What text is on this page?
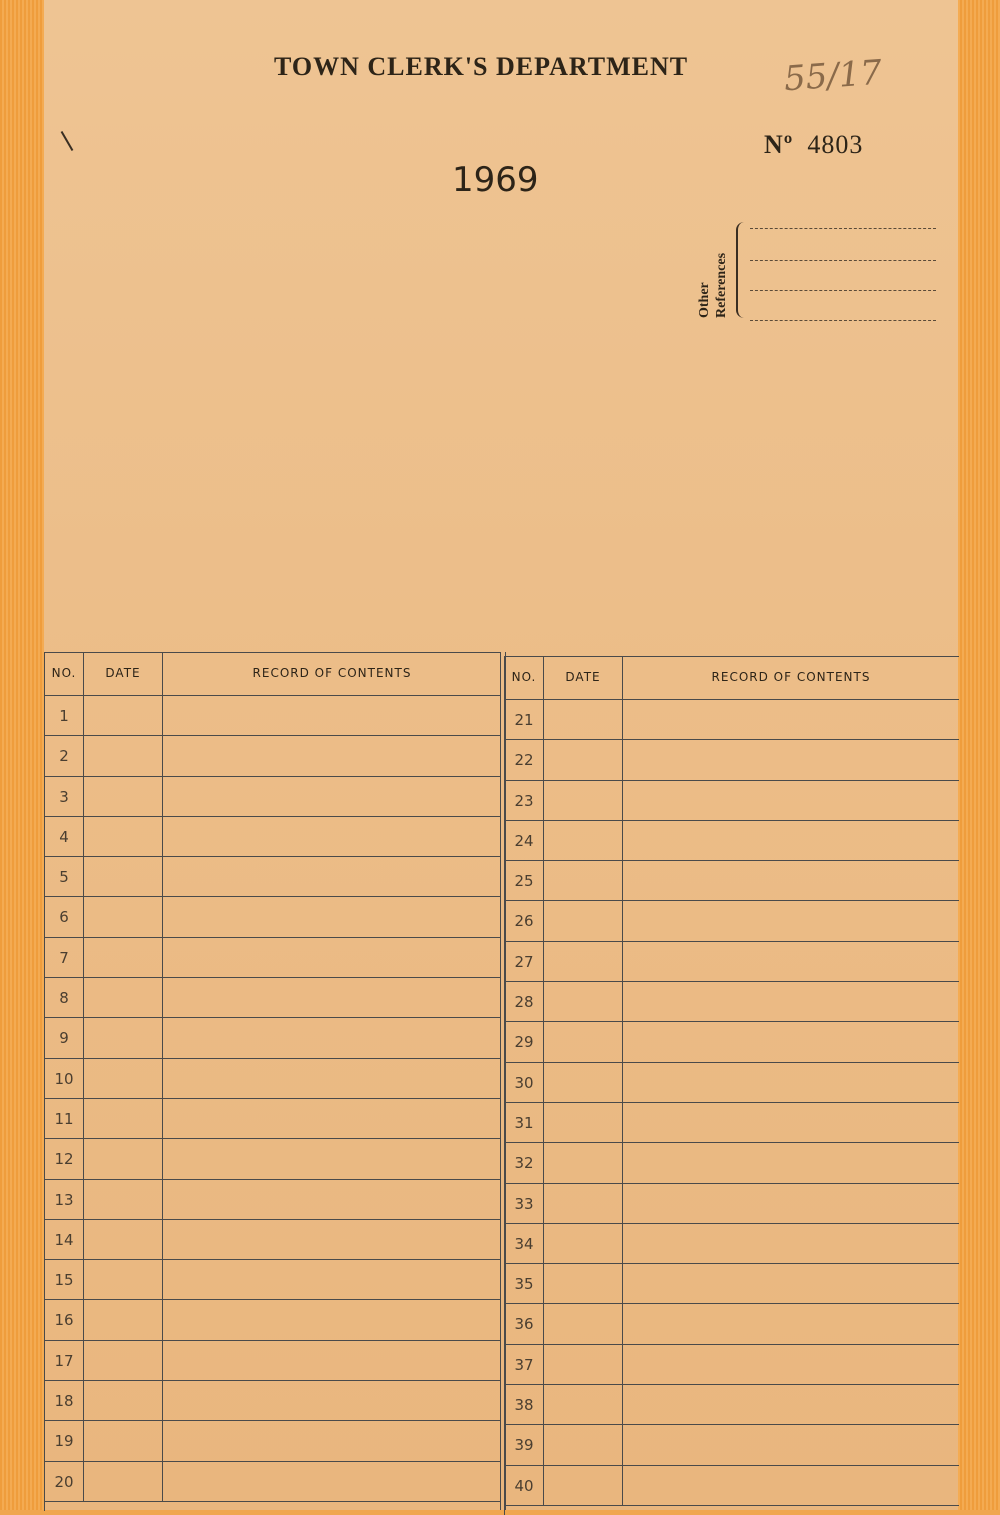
TOWN CLERK'S DEPARTMENT	55/17
Nº 4803
1969
Other References
NO.	DATE	RECORD OF CONTENTS
1
2
3
4
5
6
7
8
9
10
11
12
13
14
15
16
17
18
19
20
NO.	DATE	RECORD OF CONTENTS
21
22
23
24
25
26
27
28
29
30
31
32
33
34
35
36
37
38
39
40
